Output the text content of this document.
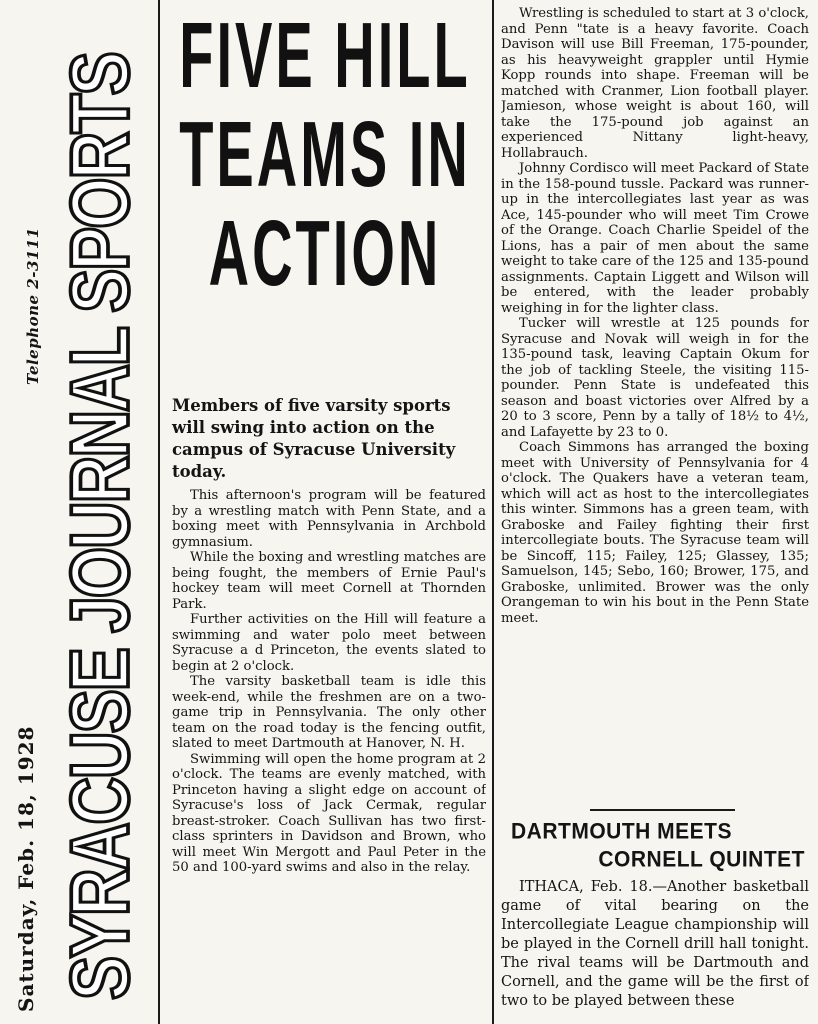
SYRACUSE JOURNAL SPORTS
Telephone 2-3111
Saturday, Feb. 18, 1928
FIVE HILL
TEAMS IN
ACTION
Members of five varsity sports will swing into action on the campus of Syracuse University today.

This afternoon's program will be featured by a wrestling match with Penn State, and a boxing meet with Pennsylvania in Archbold gymnasium.

While the boxing and wrestling matches are being fought, the members of Ernie Paul's hockey team will meet Cornell at Thornden Park.

Further activities on the Hill will feature a swimming and water polo meet between Syracuse a d Princeton, the events slated to begin at 2 o'clock.

The varsity basketball team is idle this week-end, while the freshmen are on a two-game trip in Pennsylvania. The only other team on the road today is the fencing outfit, slated to meet Dartmouth at Hanover, N. H.

Swimming will open the home program at 2 o'clock. The teams are evenly matched, with Princeton having a slight edge on account of Syracuse's loss of Jack Cermak, regular breast-stroker. Coach Sullivan has two first-class sprinters in Davidson and Brown, who will meet Win Mergott and Paul Peter in the 50 and 100-yard swims and also in the relay.

Wrestling is scheduled to start at 3 o'clock, and Penn "tate is a heavy favorite. Coach Davison will use Bill Freeman, 175-pounder, as his heavyweight grappler until Hymie Kopp rounds into shape. Freeman will be matched with Cranmer, Lion football player. Jamieson, whose weight is about 160, will take the 175-pound job against an experienced Nittany light-heavy, Hollabrauch.

Johnny Cordisco will meet Packard of State in the 158-pound tussle. Packard was runner-up in the intercollegiates last year as was Ace, 145-pounder who will meet Tim Crowe of the Orange. Coach Charlie Speidel of the Lions, has a pair of men about the same weight to take care of the 125 and 135-pound assignments. Captain Liggett and Wilson will be entered, with the leader probably weighing in for the lighter class.

Tucker will wrestle at 125 pounds for Syracuse and Novak will weigh in for the 135-pound task, leaving Captain Okum for the job of tackling Steele, the visiting 115-pounder. Penn State is undefeated this season and boast victories over Alfred by a 20 to 3 score, Penn by a tally of 18½ to 4½, and Lafayette by 23 to 0.

Coach Simmons has arranged the boxing meet with University of Pennsylvania for 4 o'clock. The Quakers have a veteran team, which will act as host to the intercollegiates this winter. Simmons has a green team, with Graboske and Failey fighting their first intercollegiate bouts. The Syracuse team will be Sincoff, 115; Failey, 125; Glassey, 135; Samuelson, 145; Sebo, 160; Brower, 175, and Graboske, unlimited. Brower was the only Orangeman to win his bout in the Penn State meet.

DARTMOUTH MEETS
CORNELL QUINTET

ITHACA, Feb. 18.—Another basketball game of vital bearing on the Intercollegiate League championship will be played in the Cornell drill hall tonight. The rival teams will be Dartmouth and Cornell, and the game will be the first of two to be played between these
